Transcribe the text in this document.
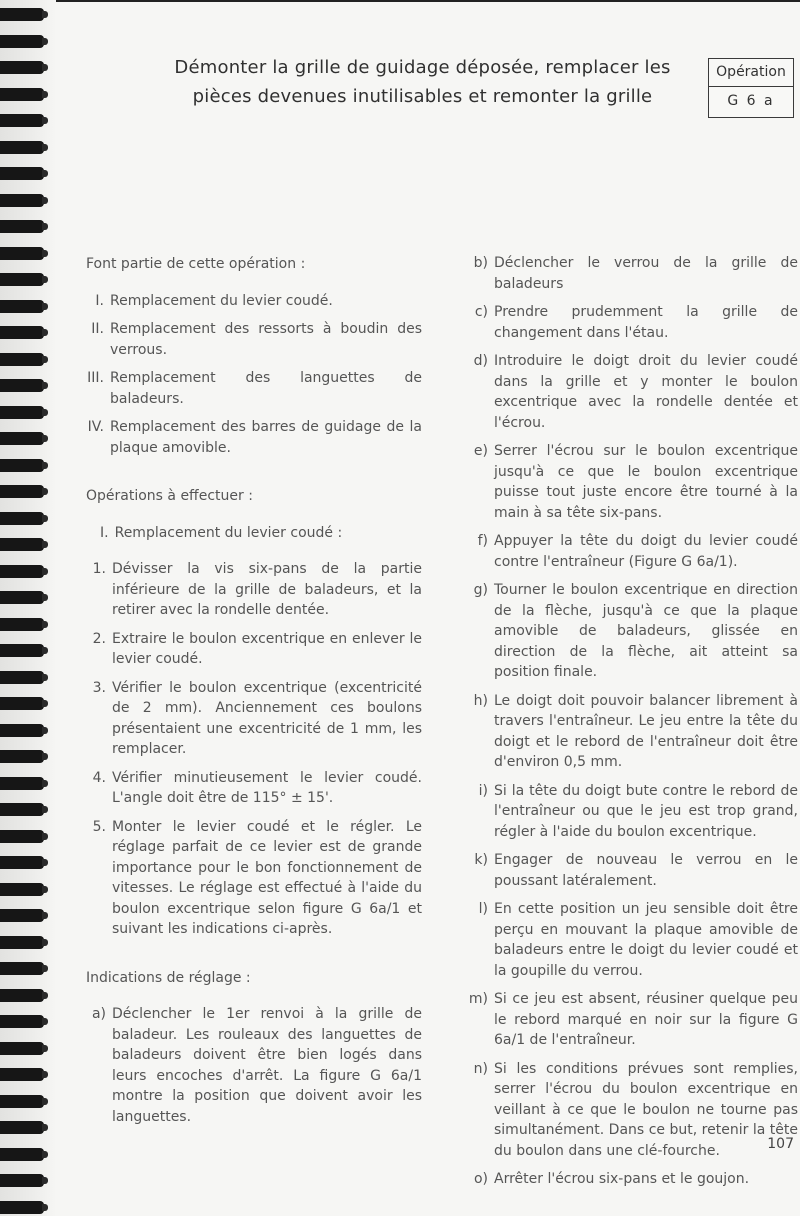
Démonter la grille de guidage déposée, remplacer les
pièces devenues inutilisables et remonter la grille
Opération
G 6 a
Font partie de cette opération :
I. Remplacement du levier coudé.
II. Remplacement des ressorts à boudin des verrous.
III. Remplacement des languettes de baladeurs.
IV. Remplacement des barres de guidage de la plaque amovible.
Opérations à effectuer :
I. Remplacement du levier coudé :
1. Dévisser la vis six-pans de la partie inférieure de la grille de baladeurs, et la retirer avec la rondelle dentée.
2. Extraire le boulon excentrique en enlever le levier coudé.
3. Vérifier le boulon excentrique (excentricité de 2 mm). Anciennement ces boulons présentaient une excentricité de 1 mm, les remplacer.
4. Vérifier minutieusement le levier coudé. L'angle doit être de 115° ± 15'.
5. Monter le levier coudé et le régler. Le réglage parfait de ce levier est de grande importance pour le bon fonctionnement de vitesses. Le réglage est effectué à l'aide du boulon excentrique selon figure G 6a/1 et suivant les indications ci-après.
Indications de réglage :
a) Déclencher le 1er renvoi à la grille de baladeur. Les rouleaux des languettes de baladeurs doivent être bien logés dans leurs encoches d'arrêt. La figure G 6a/1 montre la position que doivent avoir les languettes.
b) Déclencher le verrou de la grille de baladeurs
c) Prendre prudemment la grille de changement dans l'étau.
d) Introduire le doigt droit du levier coudé dans la grille et y monter le boulon excentrique avec la rondelle dentée et l'écrou.
e) Serrer l'écrou sur le boulon excentrique jusqu'à ce que le boulon excentrique puisse tout juste encore être tourné à la main à sa tête six-pans.
f) Appuyer la tête du doigt du levier coudé contre l'entraîneur (Figure G 6a/1).
g) Tourner le boulon excentrique en direction de la flèche, jusqu'à ce que la plaque amovible de baladeurs, glissée en direction de la flèche, ait atteint sa position finale.
h) Le doigt doit pouvoir balancer librement à travers l'entraîneur. Le jeu entre la tête du doigt et le rebord de l'entraîneur doit être d'environ 0,5 mm.
i) Si la tête du doigt bute contre le rebord de l'entraîneur ou que le jeu est trop grand, régler à l'aide du boulon excentrique.
k) Engager de nouveau le verrou en le poussant latéralement.
l) En cette position un jeu sensible doit être perçu en mouvant la plaque amovible de baladeurs entre le doigt du levier coudé et la goupille du verrou.
m) Si ce jeu est absent, réusiner quelque peu le rebord marqué en noir sur la figure G 6a/1 de l'entraîneur.
n) Si les conditions prévues sont remplies, serrer l'écrou du boulon excentrique en veillant à ce que le boulon ne tourne pas simultanément. Dans ce but, retenir la tête du boulon dans une clé-fourche.
o) Arrêter l'écrou six-pans et le goujon.
107
